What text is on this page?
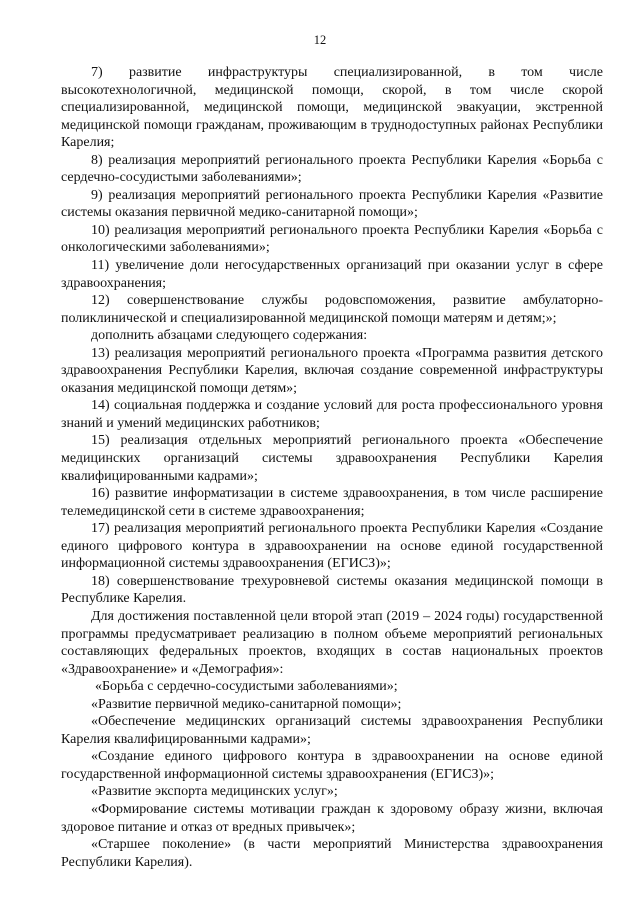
12

7) развитие инфраструктуры специализированной, в том числе высокотехнологичной, медицинской помощи, скорой, в том числе скорой специализированной, медицинской помощи, медицинской эвакуации, экстренной медицинской помощи гражданам, проживающим в труднодоступных районах Республики Карелия;

8) реализация мероприятий регионального проекта Республики Карелия «Борьба с сердечно-сосудистыми заболеваниями»;

9) реализация мероприятий регионального проекта Республики Карелия «Развитие системы оказания первичной медико-санитарной помощи»;

10) реализация мероприятий регионального проекта Республики Карелия «Борьба с онкологическими заболеваниями»;

11) увеличение доли негосударственных организаций при оказании услуг в сфере здравоохранения;

12) совершенствование службы родовспоможения, развитие амбулаторно-поликлинической и специализированной медицинской помощи матерям и детям;»;

дополнить абзацами следующего содержания:

13) реализация мероприятий регионального проекта «Программа развития детского здравоохранения Республики Карелия, включая создание современной инфраструктуры оказания медицинской помощи детям»;

14) социальная поддержка и создание условий для роста профессионального уровня знаний и умений медицинских работников;

15) реализация отдельных мероприятий регионального проекта «Обеспечение медицинских организаций системы здравоохранения Республики Карелия квалифицированными кадрами»;

16) развитие информатизации в системе здравоохранения, в том числе расширение телемедицинской сети в системе здравоохранения;

17) реализация мероприятий регионального проекта Республики Карелия «Создание единого цифрового контура в здравоохранении на основе единой государственной информационной системы здравоохранения (ЕГИСЗ)»;

18) совершенствование трехуровневой системы оказания медицинской помощи в Республике Карелия.

Для достижения поставленной цели второй этап (2019 – 2024 годы) государственной программы предусматривает реализацию в полном объеме мероприятий региональных составляющих федеральных проектов, входящих в состав национальных проектов «Здравоохранение» и «Демография»:

«Борьба с сердечно-сосудистыми заболеваниями»;

«Развитие первичной медико-санитарной помощи»;

«Обеспечение медицинских организаций системы здравоохранения Республики Карелия квалифицированными кадрами»;

«Создание единого цифрового контура в здравоохранении на основе единой государственной информационной системы здравоохранения (ЕГИСЗ)»;

«Развитие экспорта медицинских услуг»;

«Формирование системы мотивации граждан к здоровому образу жизни, включая здоровое питание и отказ от вредных привычек»;

«Старшее поколение» (в части мероприятий Министерства здравоохранения Республики Карелия).
